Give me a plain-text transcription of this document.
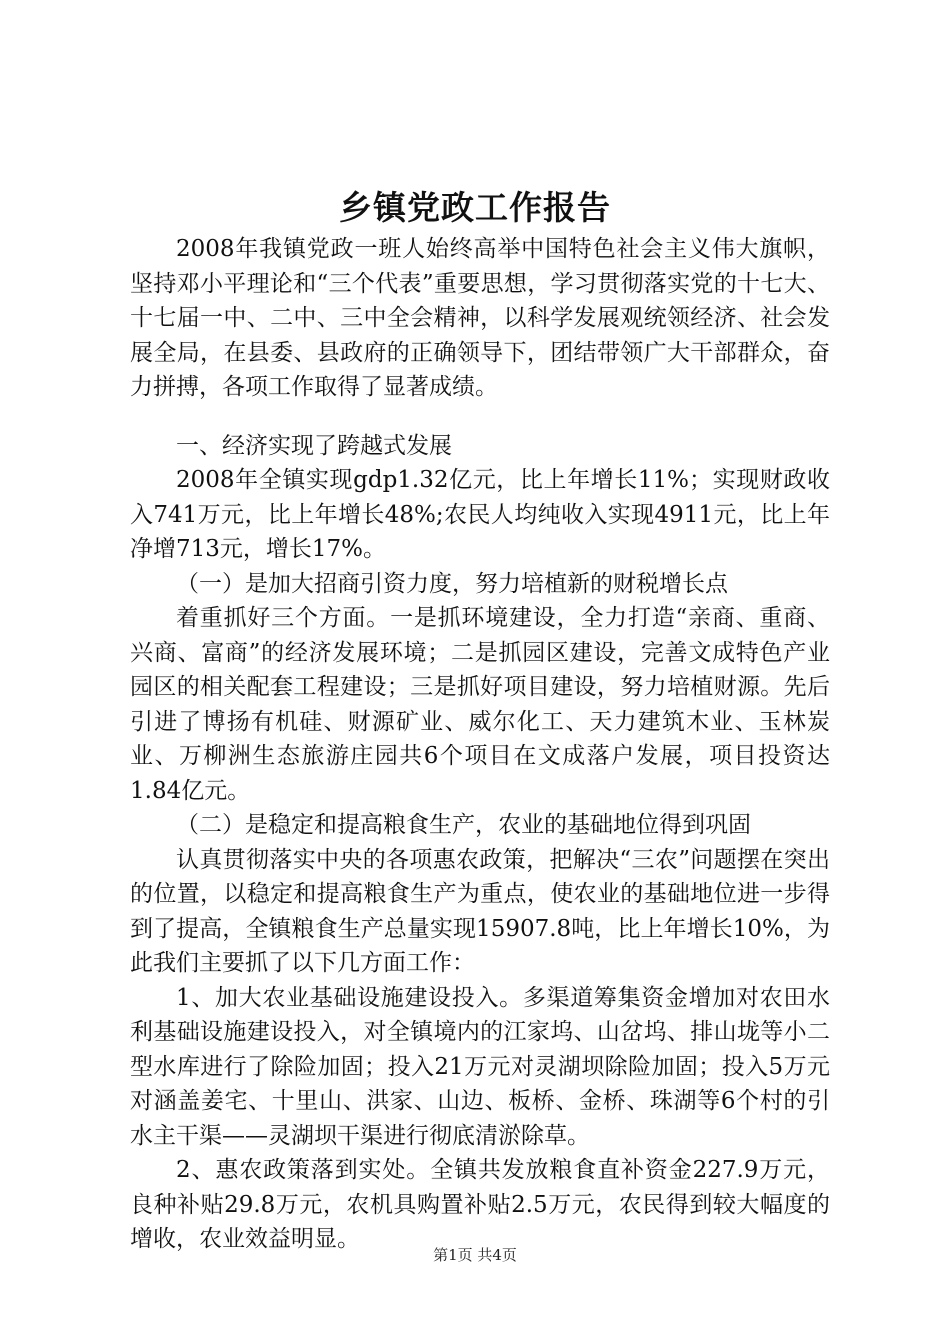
乡镇党政工作报告

2008年我镇党政一班人始终高举中国特色社会主义伟大旗帜，坚持邓小平理论和“三个代表”重要思想，学习贯彻落实党的十七大、十七届一中、二中、三中全会精神，以科学发展观统领经济、社会发展全局，在县委、县政府的正确领导下，团结带领广大干部群众，奋力拼搏，各项工作取得了显著成绩。

一、经济实现了跨越式发展

2008年全镇实现gdp1.32亿元，比上年增长11%；实现财政收入741万元，比上年增长48%;农民人均纯收入实现4911元，比上年净增713元，增长17%。

（一）是加大招商引资力度，努力培植新的财税增长点

着重抓好三个方面。一是抓环境建设，全力打造“亲商、重商、兴商、富商”的经济发展环境；二是抓园区建设，完善文成特色产业园区的相关配套工程建设；三是抓好项目建设，努力培植财源。先后引进了博扬有机硅、财源矿业、威尔化工、天力建筑木业、玉林炭业、万柳洲生态旅游庄园共6个项目在文成落户发展，项目投资达1.84亿元。

（二）是稳定和提高粮食生产，农业的基础地位得到巩固

认真贯彻落实中央的各项惠农政策，把解决“三农”问题摆在突出的位置，以稳定和提高粮食生产为重点，使农业的基础地位进一步得到了提高，全镇粮食生产总量实现15907.8吨，比上年增长10%，为此我们主要抓了以下几方面工作：

1、加大农业基础设施建设投入。多渠道筹集资金增加对农田水利基础设施建设投入，对全镇境内的江家坞、山岔坞、排山垅等小二型水库进行了除险加固；投入21万元对灵湖坝除险加固；投入5万元对涵盖姜宅、十里山、洪家、山边、板桥、金桥、珠湖等6个村的引水主干渠——灵湖坝干渠进行彻底清淤除草。

2、惠农政策落到实处。全镇共发放粮食直补资金227.9万元，良种补贴29.8万元，农机具购置补贴2.5万元，农民得到较大幅度的增收，农业效益明显。

第1页 共4页
